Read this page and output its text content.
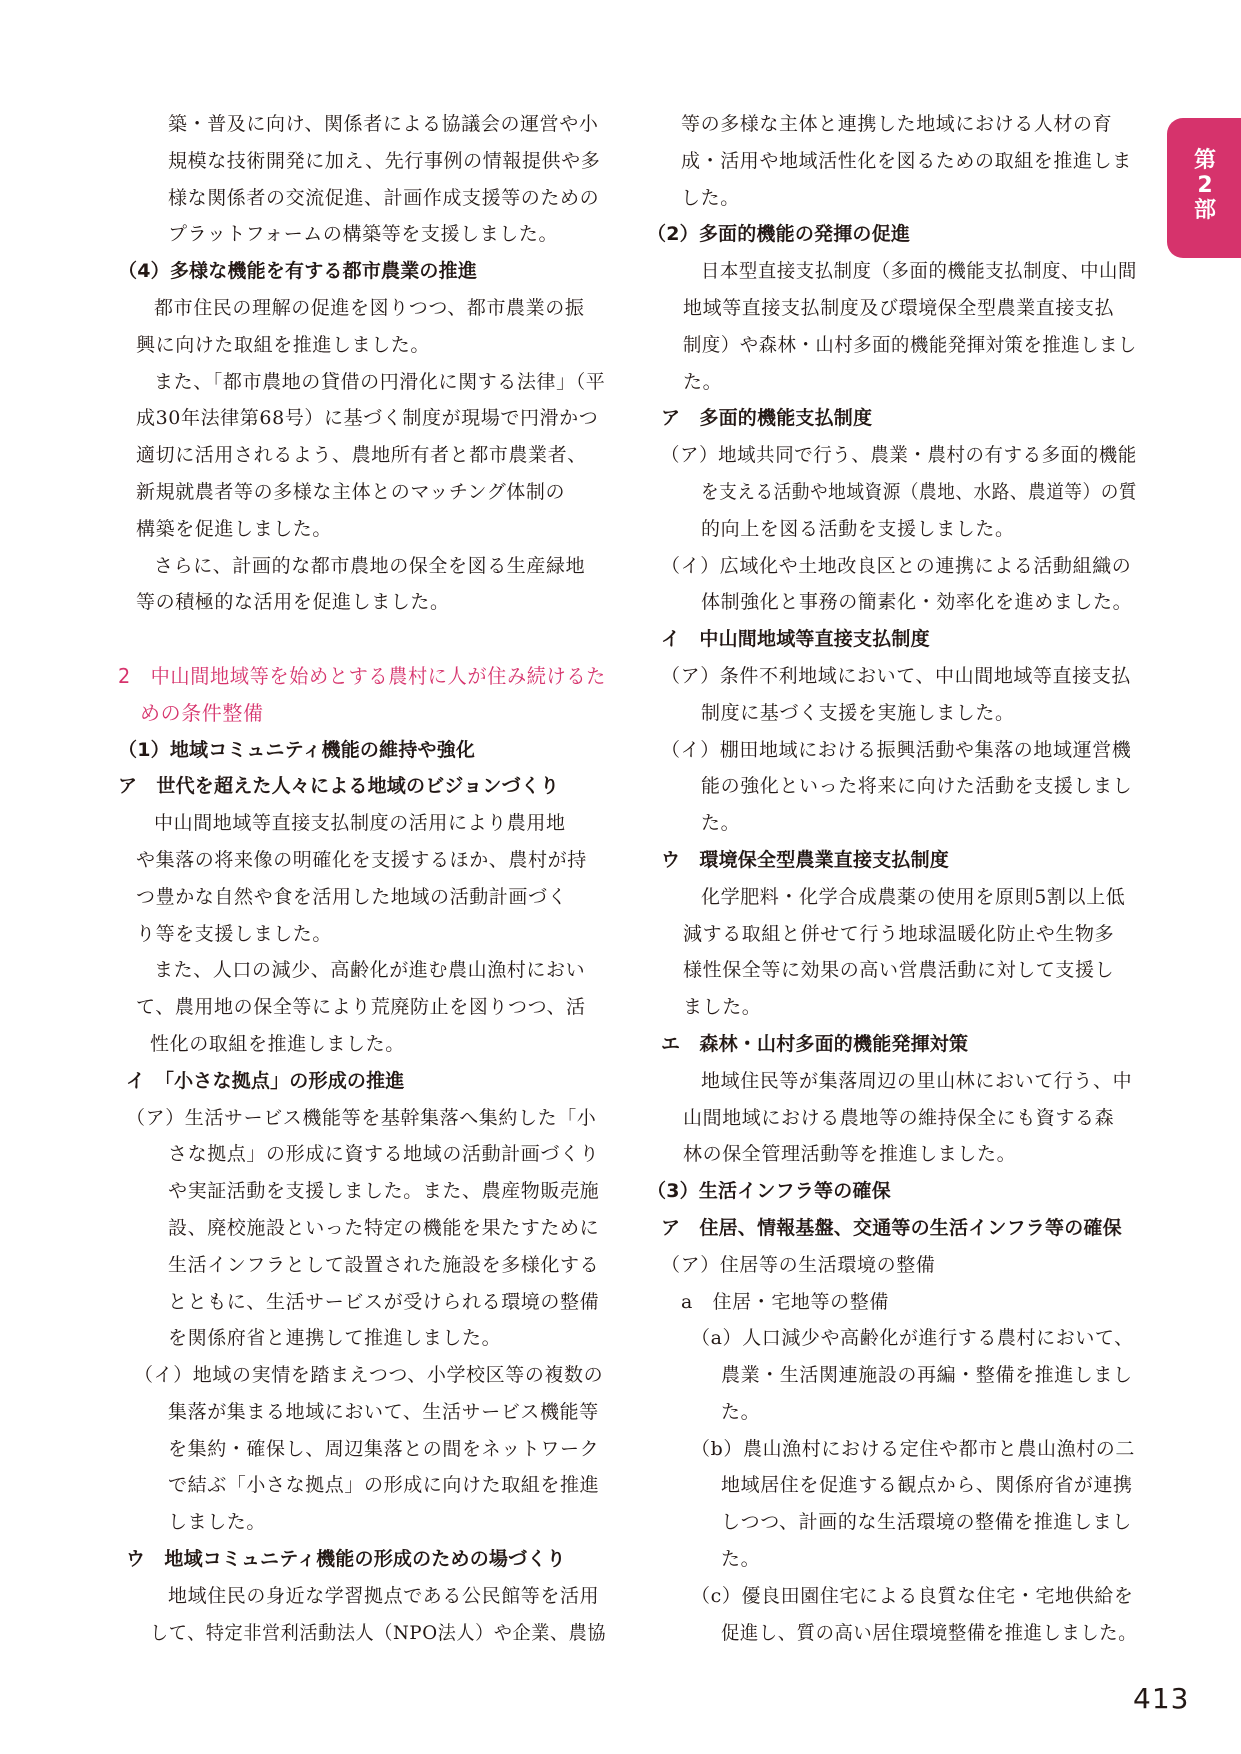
築・普及に向け、関係者による協議会の運営や小
規模な技術開発に加え、先行事例の情報提供や多
様な関係者の交流促進、計画作成支援等のための
プラットフォームの構築等を支援しました。
（4）多様な機能を有する都市農業の推進
都市住民の理解の促進を図りつつ、都市農業の振
興に向けた取組を推進しました。
また、「都市農地の貸借の円滑化に関する法律」（平
成30年法律第68号）に基づく制度が現場で円滑かつ
適切に活用されるよう、農地所有者と都市農業者、
新規就農者等の多様な主体とのマッチング体制の
構築を促進しました。
さらに、計画的な都市農地の保全を図る生産緑地
等の積極的な活用を促進しました。
2　中山間地域等を始めとする農村に人が住み続けるた
めの条件整備
（1）地域コミュニティ機能の維持や強化
ア　世代を超えた人々による地域のビジョンづくり
中山間地域等直接支払制度の活用により農用地
や集落の将来像の明確化を支援するほか、農村が持
つ豊かな自然や食を活用した地域の活動計画づく
り等を支援しました。
また、人口の減少、高齢化が進む農山漁村におい
て、農用地の保全等により荒廃防止を図りつつ、活
性化の取組を推進しました。
イ　「小さな拠点」の形成の推進
（ア）生活サービス機能等を基幹集落へ集約した「小
さな拠点」の形成に資する地域の活動計画づくり
や実証活動を支援しました。また、農産物販売施
設、廃校施設といった特定の機能を果たすために
生活インフラとして設置された施設を多様化する
とともに、生活サービスが受けられる環境の整備
を関係府省と連携して推進しました。
（イ）地域の実情を踏まえつつ、小学校区等の複数の
集落が集まる地域において、生活サービス機能等
を集約・確保し、周辺集落との間をネットワーク
で結ぶ「小さな拠点」の形成に向けた取組を推進
しました。
ウ　地域コミュニティ機能の形成のための場づくり
地域住民の身近な学習拠点である公民館等を活用
して、特定非営利活動法人（NPO法人）や企業、農協
等の多様な主体と連携した地域における人材の育
成・活用や地域活性化を図るための取組を推進しま
した。
（2）多面的機能の発揮の促進
日本型直接支払制度（多面的機能支払制度、中山間
地域等直接支払制度及び環境保全型農業直接支払
制度）や森林・山村多面的機能発揮対策を推進しまし
た。
ア　多面的機能支払制度
（ア）地域共同で行う、農業・農村の有する多面的機能
を支える活動や地域資源（農地、水路、農道等）の質
的向上を図る活動を支援しました。
（イ）広域化や土地改良区との連携による活動組織の
体制強化と事務の簡素化・効率化を進めました。
イ　中山間地域等直接支払制度
（ア）条件不利地域において、中山間地域等直接支払
制度に基づく支援を実施しました。
（イ）棚田地域における振興活動や集落の地域運営機
能の強化といった将来に向けた活動を支援しまし
た。
ウ　環境保全型農業直接支払制度
化学肥料・化学合成農薬の使用を原則5割以上低
減する取組と併せて行う地球温暖化防止や生物多
様性保全等に効果の高い営農活動に対して支援し
ました。
エ　森林・山村多面的機能発揮対策
地域住民等が集落周辺の里山林において行う、中
山間地域における農地等の維持保全にも資する森
林の保全管理活動等を推進しました。
（3）生活インフラ等の確保
ア　住居、情報基盤、交通等の生活インフラ等の確保
（ア）住居等の生活環境の整備
a　住居・宅地等の整備
（a）人口減少や高齢化が進行する農村において、
農業・生活関連施設の再編・整備を推進しまし
た。
（b）農山漁村における定住や都市と農山漁村の二
地域居住を促進する観点から、関係府省が連携
しつつ、計画的な生活環境の整備を推進しまし
た。
（c）優良田園住宅による良質な住宅・宅地供給を
促進し、質の高い居住環境整備を推進しました。
第
2
部
413
